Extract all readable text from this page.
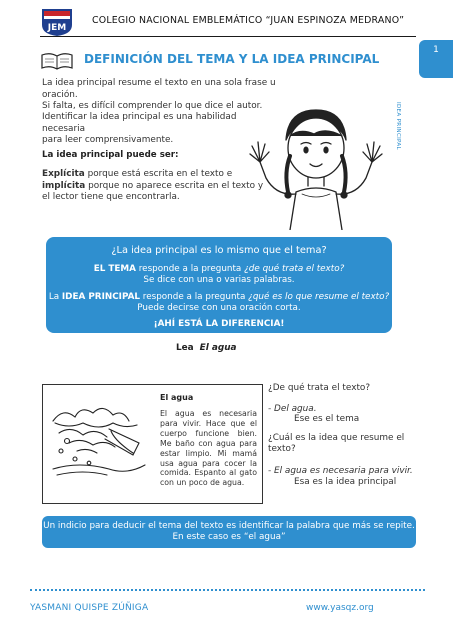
JEM
COLEGIO NACIONAL EMBLEMÁTICO “JUAN ESPINOZA MEDRANO”
1
IDEA PRINCIPAL
DEFINICIÓN DEL TEMA Y LA IDEA PRINCIPAL
La idea principal resume el texto en una sola frase u oración.
Si falta, es difícil comprender lo que dice el autor.
Identificar la idea principal es una habilidad necesaria
para leer comprensivamente.
La idea principal puede ser:
Explícita porque está escrita en el texto e
implícita porque no aparece escrita en el texto y
el lector tiene que encontrarla.
¿La idea principal es lo mismo que el tema?
EL TEMA responde a la pregunta ¿de qué trata el texto?
Se dice con una o varias palabras.
La IDEA PRINCIPAL responde a la pregunta ¿qué es lo que resume el texto?
Puede decirse con una oración corta.
¡AHÍ ESTÁ LA DIFERENCIA!
Lea El agua
El agua
El agua es necesaria para vivir. Hace que el cuerpo funcione bien. Me baño con agua para estar limpio. Mi mamá usa agua para cocer la comida. Espanto al gato con un poco de agua.
¿De qué trata el texto?
- Del agua.
Ese es el tema
¿Cuál es la idea que resume el texto?
- El agua es necesaria para vivir.
Esa es la idea principal
Un indicio para deducir el tema del texto es identificar la palabra que más se repite. En este caso es “el agua”
YASMANI QUISPE ZÚÑIGA	www.yasqz.org
